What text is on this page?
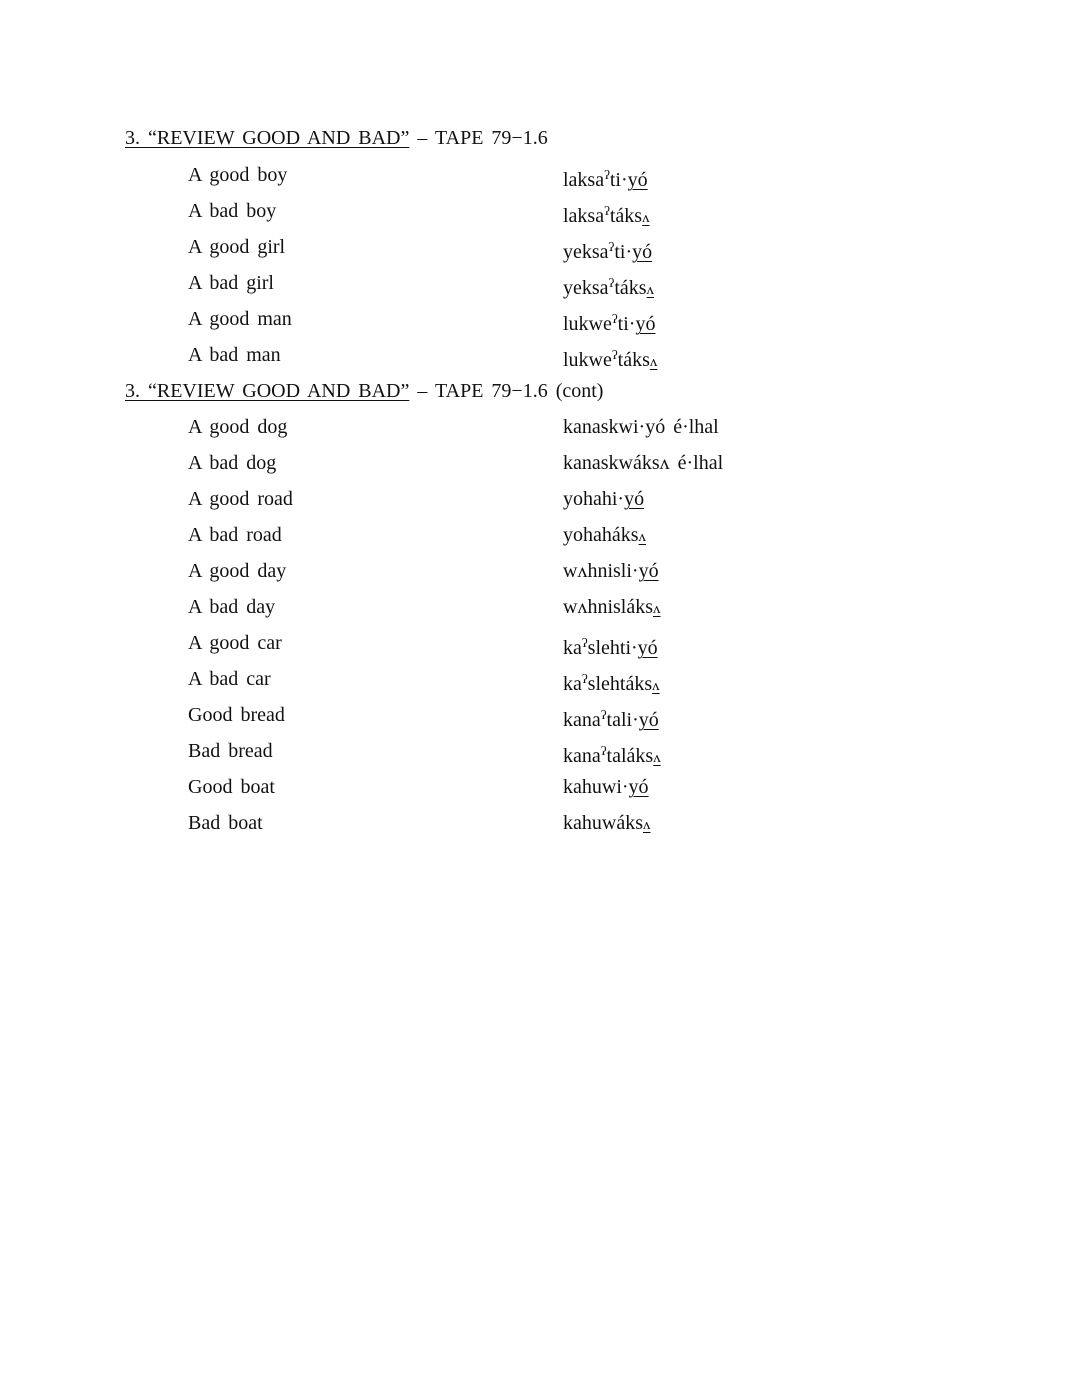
3. “REVIEW GOOD AND BAD” – TAPE 79−1.6
A good boy	laksa$^ʔ$ti·yó
A bad boy	laksa$^ʔ$táksʌ
A good girl	yeksa$^ʔ$ti·yó
A bad girl	yeksa$^ʔ$táksʌ
A good man	lukwe$^ʔ$ti·yó
A bad man	lukwe$^ʔ$táksʌ
3. “REVIEW GOOD AND BAD” – TAPE 79−1.6 (cont)
A good dog	kanaskwi·yó é·lhal
A bad dog	kanaskwáksʌ é·lhal
A good road	yohahi·yó
A bad road	yohaháksʌ
A good day	wʌhnisli·yó
A bad day	wʌhnisláksʌ
A good car	$ka^ʔslehti\cdot yó$
A bad car	$ka^ʔslehtáksʌ$
Good bread	kana$^ʔ$tali·yó
Bad bread	kana$^ʔ$taláksʌ
Good boat	kahuwi·yó
Bad boat	kahuwáksʌ
